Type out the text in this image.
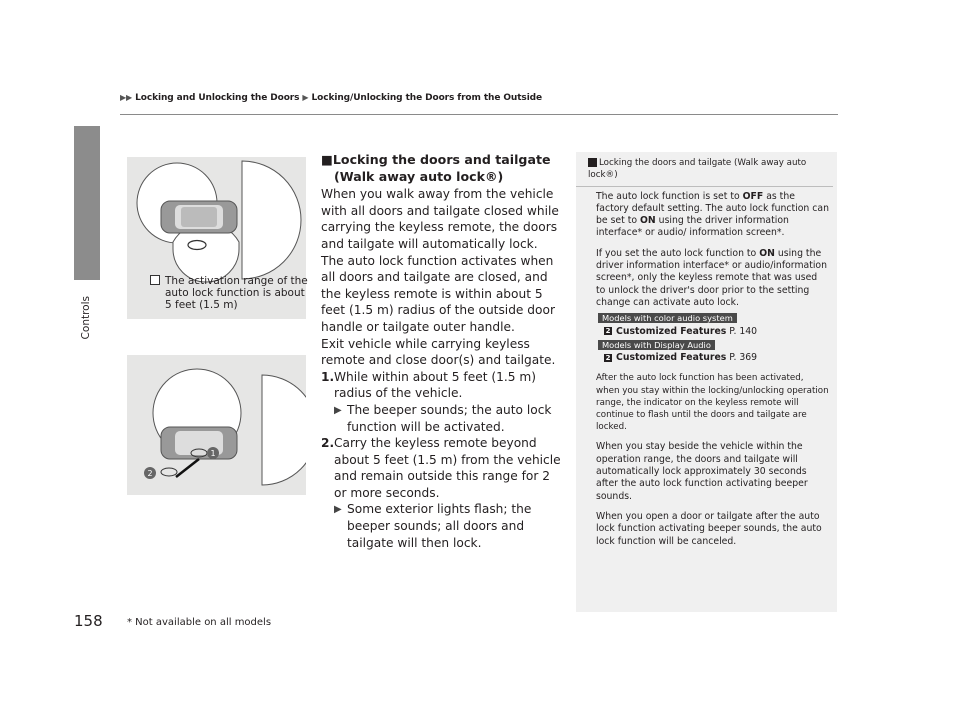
▶▶ Locking and Unlocking the Doors ▶ Locking/Unlocking the Doors from the Outside
Controls
The activation range of the auto lock function is about 5 feet (1.5 m)
1
2
■Locking the doors and tailgate (Walk away auto lock®)

When you walk away from the vehicle with all doors and tailgate closed while carrying the keyless remote, the doors and tailgate will automatically lock.

The auto lock function activates when all doors and tailgate are closed, and the keyless remote is within about 5 feet (1.5 m) radius of the outside door handle or tailgate outer handle.

Exit vehicle while carrying keyless remote and close door(s) and tailgate.

1. While within about 5 feet (1.5 m) radius of the vehicle.
▶ The beeper sounds; the auto lock function will be activated.
2. Carry the keyless remote beyond about 5 feet (1.5 m) from the vehicle and remain outside this range for 2 or more seconds.
▶ Some exterior lights flash; the beeper sounds; all doors and tailgate will then lock.
Locking the doors and tailgate (Walk away auto lock®)

The auto lock function is set to OFF as the factory default setting. The auto lock function can be set to ON using the driver information interface* or audio/ information screen*.

If you set the auto lock function to ON using the driver information interface* or audio/information screen*, only the keyless remote that was used to unlock the driver's door prior to the setting change can activate auto lock.

Models with color audio system
2 Customized Features P. 140
Models with Display Audio
2 Customized Features P. 369

After the auto lock function has been activated, when you stay within the locking/unlocking operation range, the indicator on the keyless remote will continue to flash until the doors and tailgate are locked.

When you stay beside the vehicle within the operation range, the doors and tailgate will automatically lock approximately 30 seconds after the auto lock function activating beeper sounds.

When you open a door or tailgate after the auto lock function activating beeper sounds, the auto lock function will be canceled.

158 * Not available on all models
